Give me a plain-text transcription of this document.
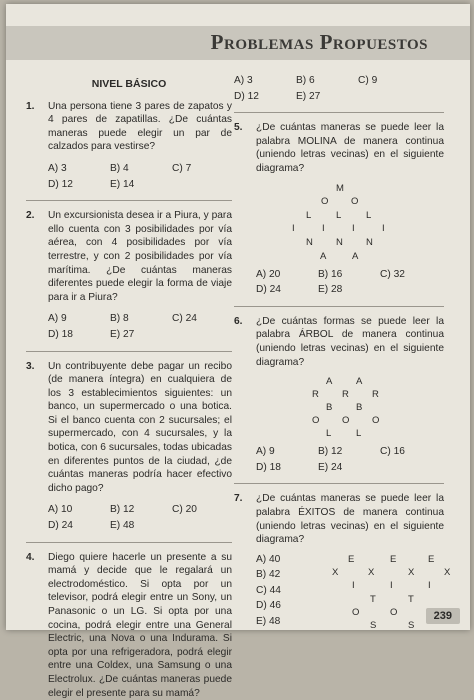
Problemas Propuestos
NIVEL BÁSICO
1. Una persona tiene 3 pares de zapatos y 4 pares de zapatillas. ¿De cuántas maneras puede elegir un par de calzados para vestirse?
A) 3	B) 4	C) 7
D) 12	E) 14
2. Un excursionista desea ir a Piura, y para ello cuenta con 3 posibilidades por vía aérea, con 4 posibilidades por vía terrestre, y con 2 posibilidades por vía marítima. ¿De cuántas maneras diferentes puede elegir la forma de viaje para ir a Piura?
A) 9	B) 8	C) 24
D) 18	E) 27
3. Un contribuyente debe pagar un recibo (de manera íntegra) en cualquiera de los 3 establecimientos siguientes: un banco, un supermercado o una botica. Si el banco cuenta con 2 sucursales; el supermercado, con 4 sucursales, y la botica, con 6 sucursales, todas ubicadas en diferentes puntos de la ciudad, ¿de cuántas maneras podría hacer efectivo dicho pago?
A) 10	B) 12	C) 20
D) 24	E) 48
4. Diego quiere hacerle un presente a su mamá y decide que le regalará un electrodoméstico. Si opta por un televisor, podrá elegir entre un Sony, un Panasonic o un LG. Si opta por una cocina, podrá elegir entre una General Electric, una Nova o una Indurama. Si opta por una refrigeradora, podrá elegir entre una Coldex, una Samsung o una Electrolux. ¿De cuántas maneras puede elegir el presente para su mamá?
A) 3	B) 6	C) 9
D) 12	E) 27
5. ¿De cuántas maneras se puede leer la palabra MOLINA de manera continua (uniendo letras vecinas) en el siguiente diagrama?
M
O O
L	L	L
I	I	I	I
N N N
A	A
A) 20	B) 16	C) 32
D) 24	E) 28
6. ¿De cuántas formas se puede leer la palabra ÁRBOL de manera continua (uniendo letras vecinas) en el siguiente diagrama?
A A
R R R
B B
O O O
L	L
A) 9	B) 12	C) 16
D) 18	E) 24
7. ¿De cuántas maneras se puede leer la palabra ÉXITOS de manera continua (uniendo letras vecinas) en el siguiente diagrama?
A) 40
B) 42
C) 44
D) 46
E) 48
E	E	E
X	X	X	X
I	I	I
T	T
O	O
S	S
239
